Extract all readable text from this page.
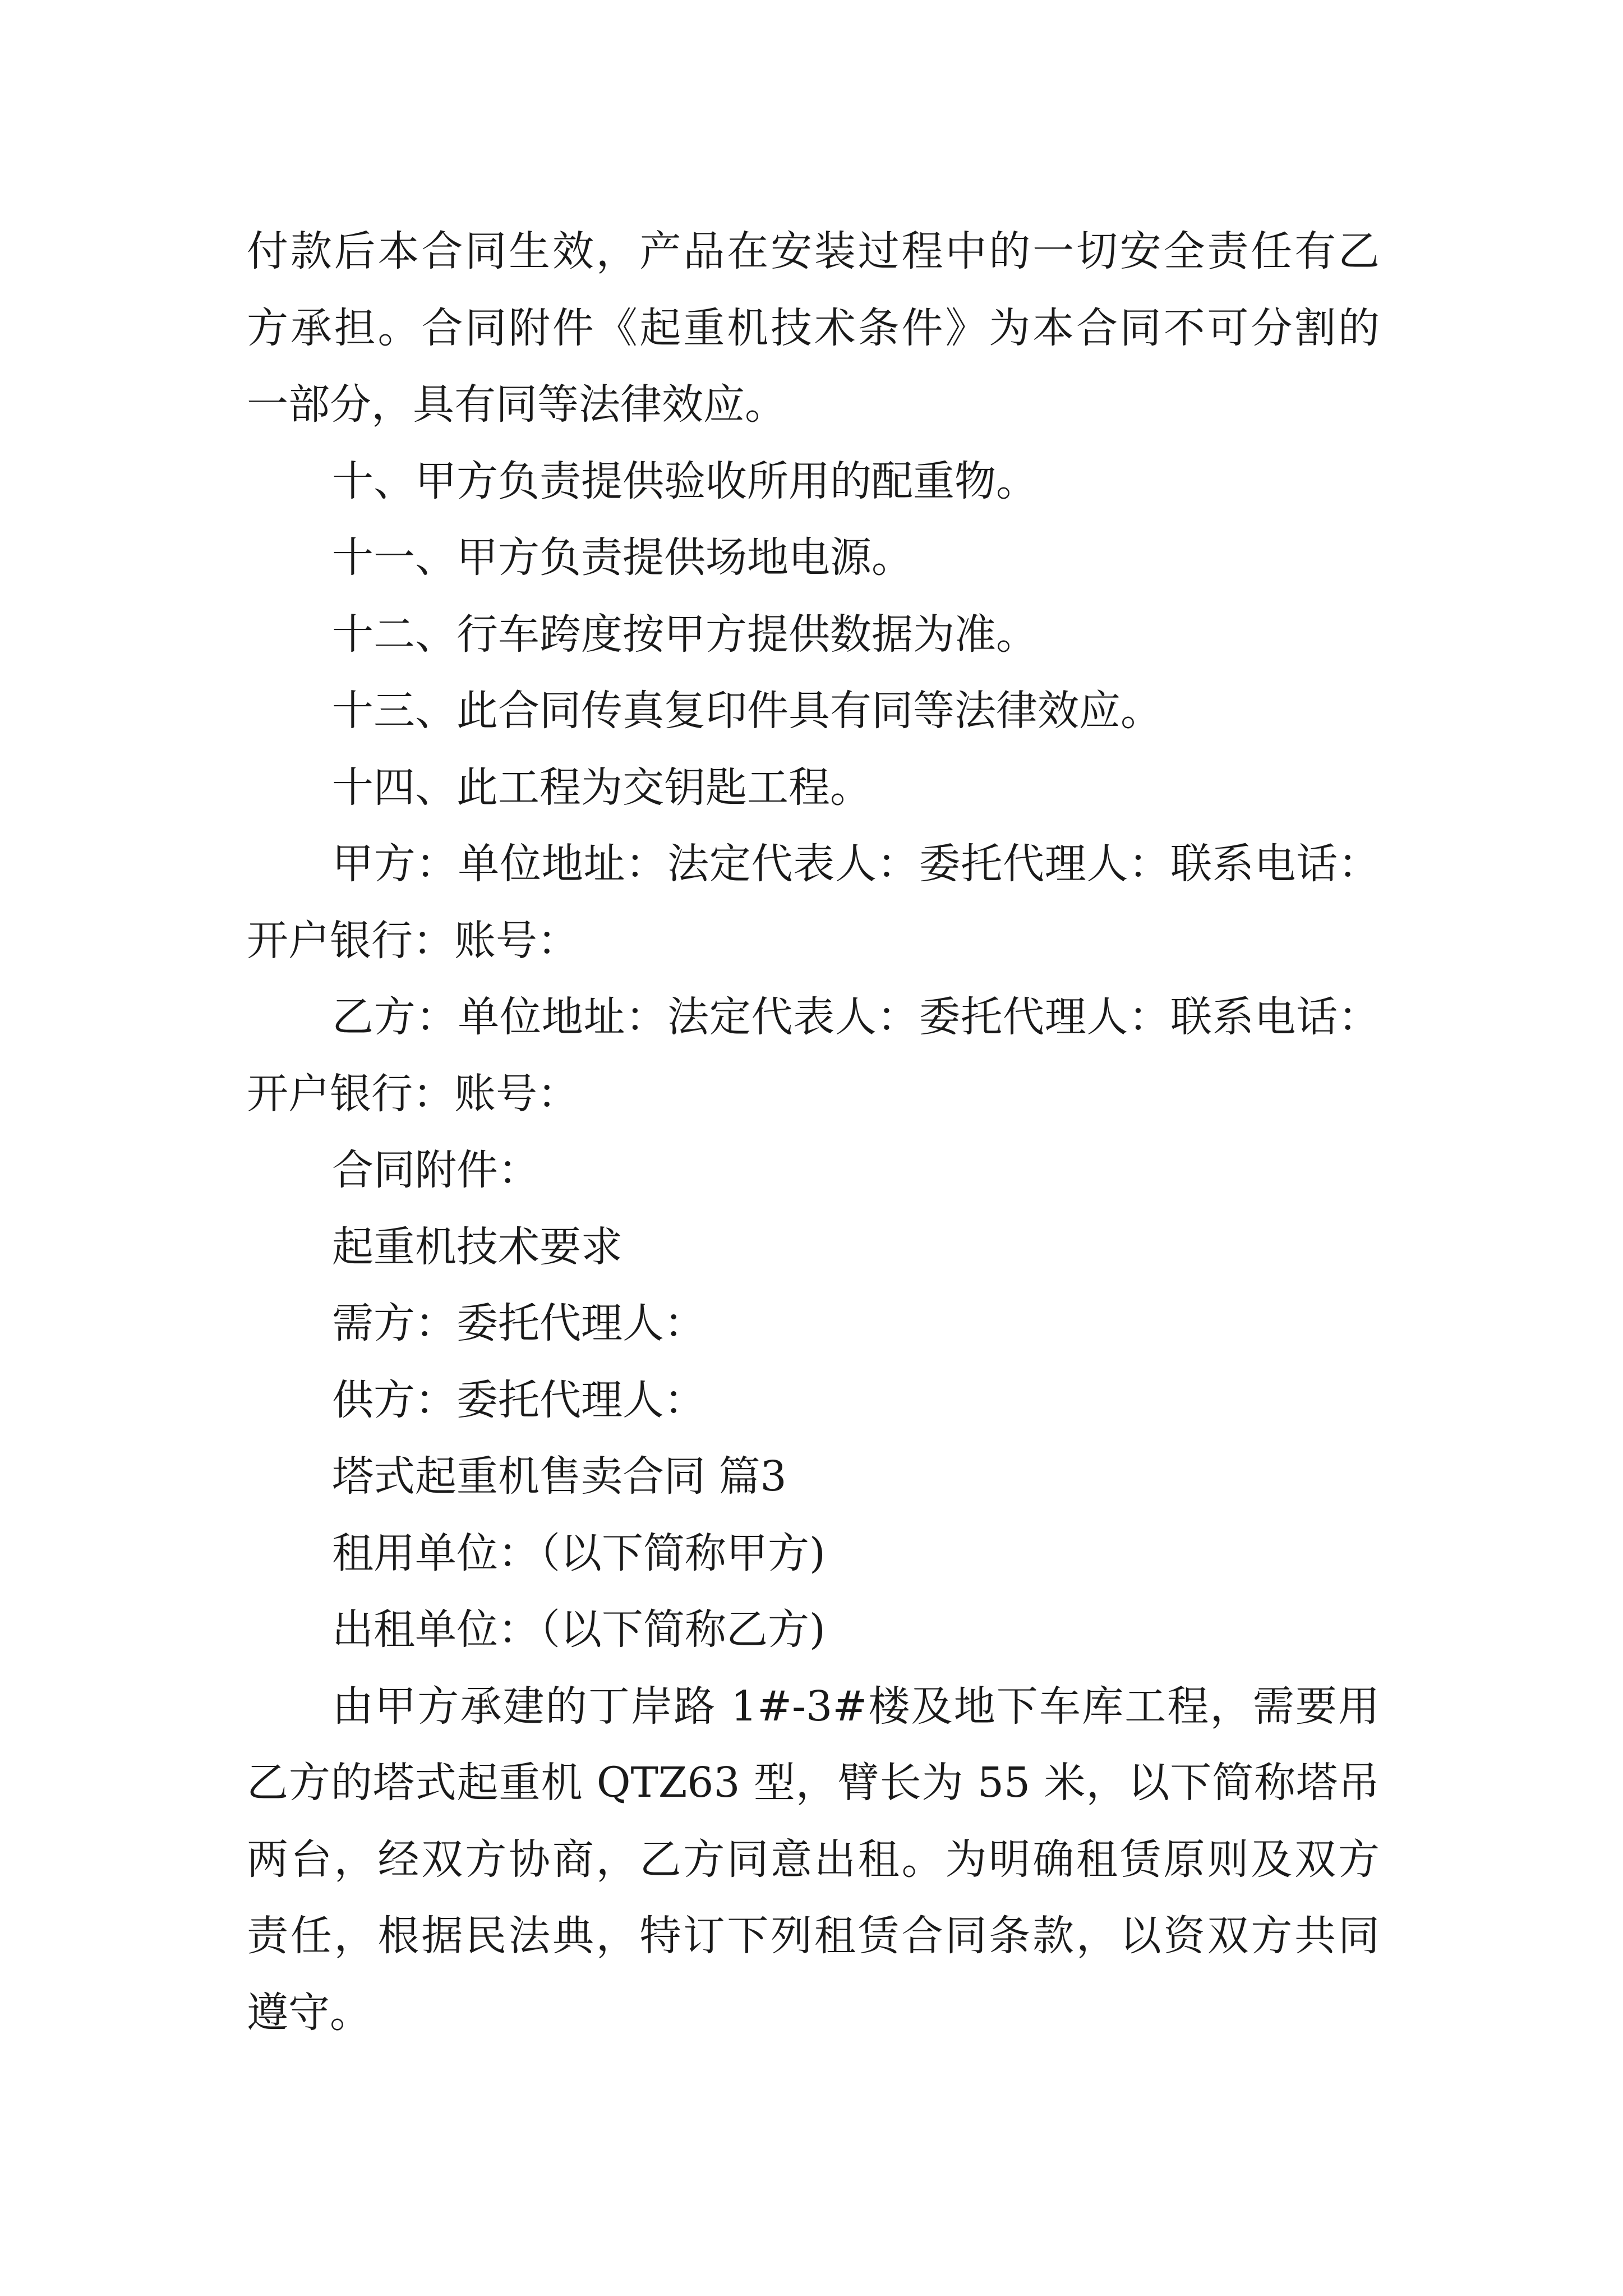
付款后本合同生效，产品在安装过程中的一切安全责任有乙
方承担。合同附件《起重机技术条件》为本合同不可分割的
一部分，具有同等法律效应。
十、甲方负责提供验收所用的配重物。
十一、甲方负责提供场地电源。
十二、行车跨度按甲方提供数据为准。
十三、此合同传真复印件具有同等法律效应。
十四、此工程为交钥匙工程。
甲方：单位地址：法定代表人：委托代理人：联系电话：
开户银行：账号：
乙方：单位地址：法定代表人：委托代理人：联系电话：
开户银行：账号：
合同附件：
起重机技术要求
需方：委托代理人：
供方：委托代理人：
塔式起重机售卖合同 篇3
租用单位：（以下简称甲方)
出租单位：（以下简称乙方)
由甲方承建的丁岸路 1#-3#楼及地下车库工程，需要用
乙方的塔式起重机 QTZ63 型，臂长为 55 米，以下简称塔吊
两台，经双方协商，乙方同意出租。为明确租赁原则及双方
责任，根据民法典，特订下列租赁合同条款，以资双方共同
遵守。
